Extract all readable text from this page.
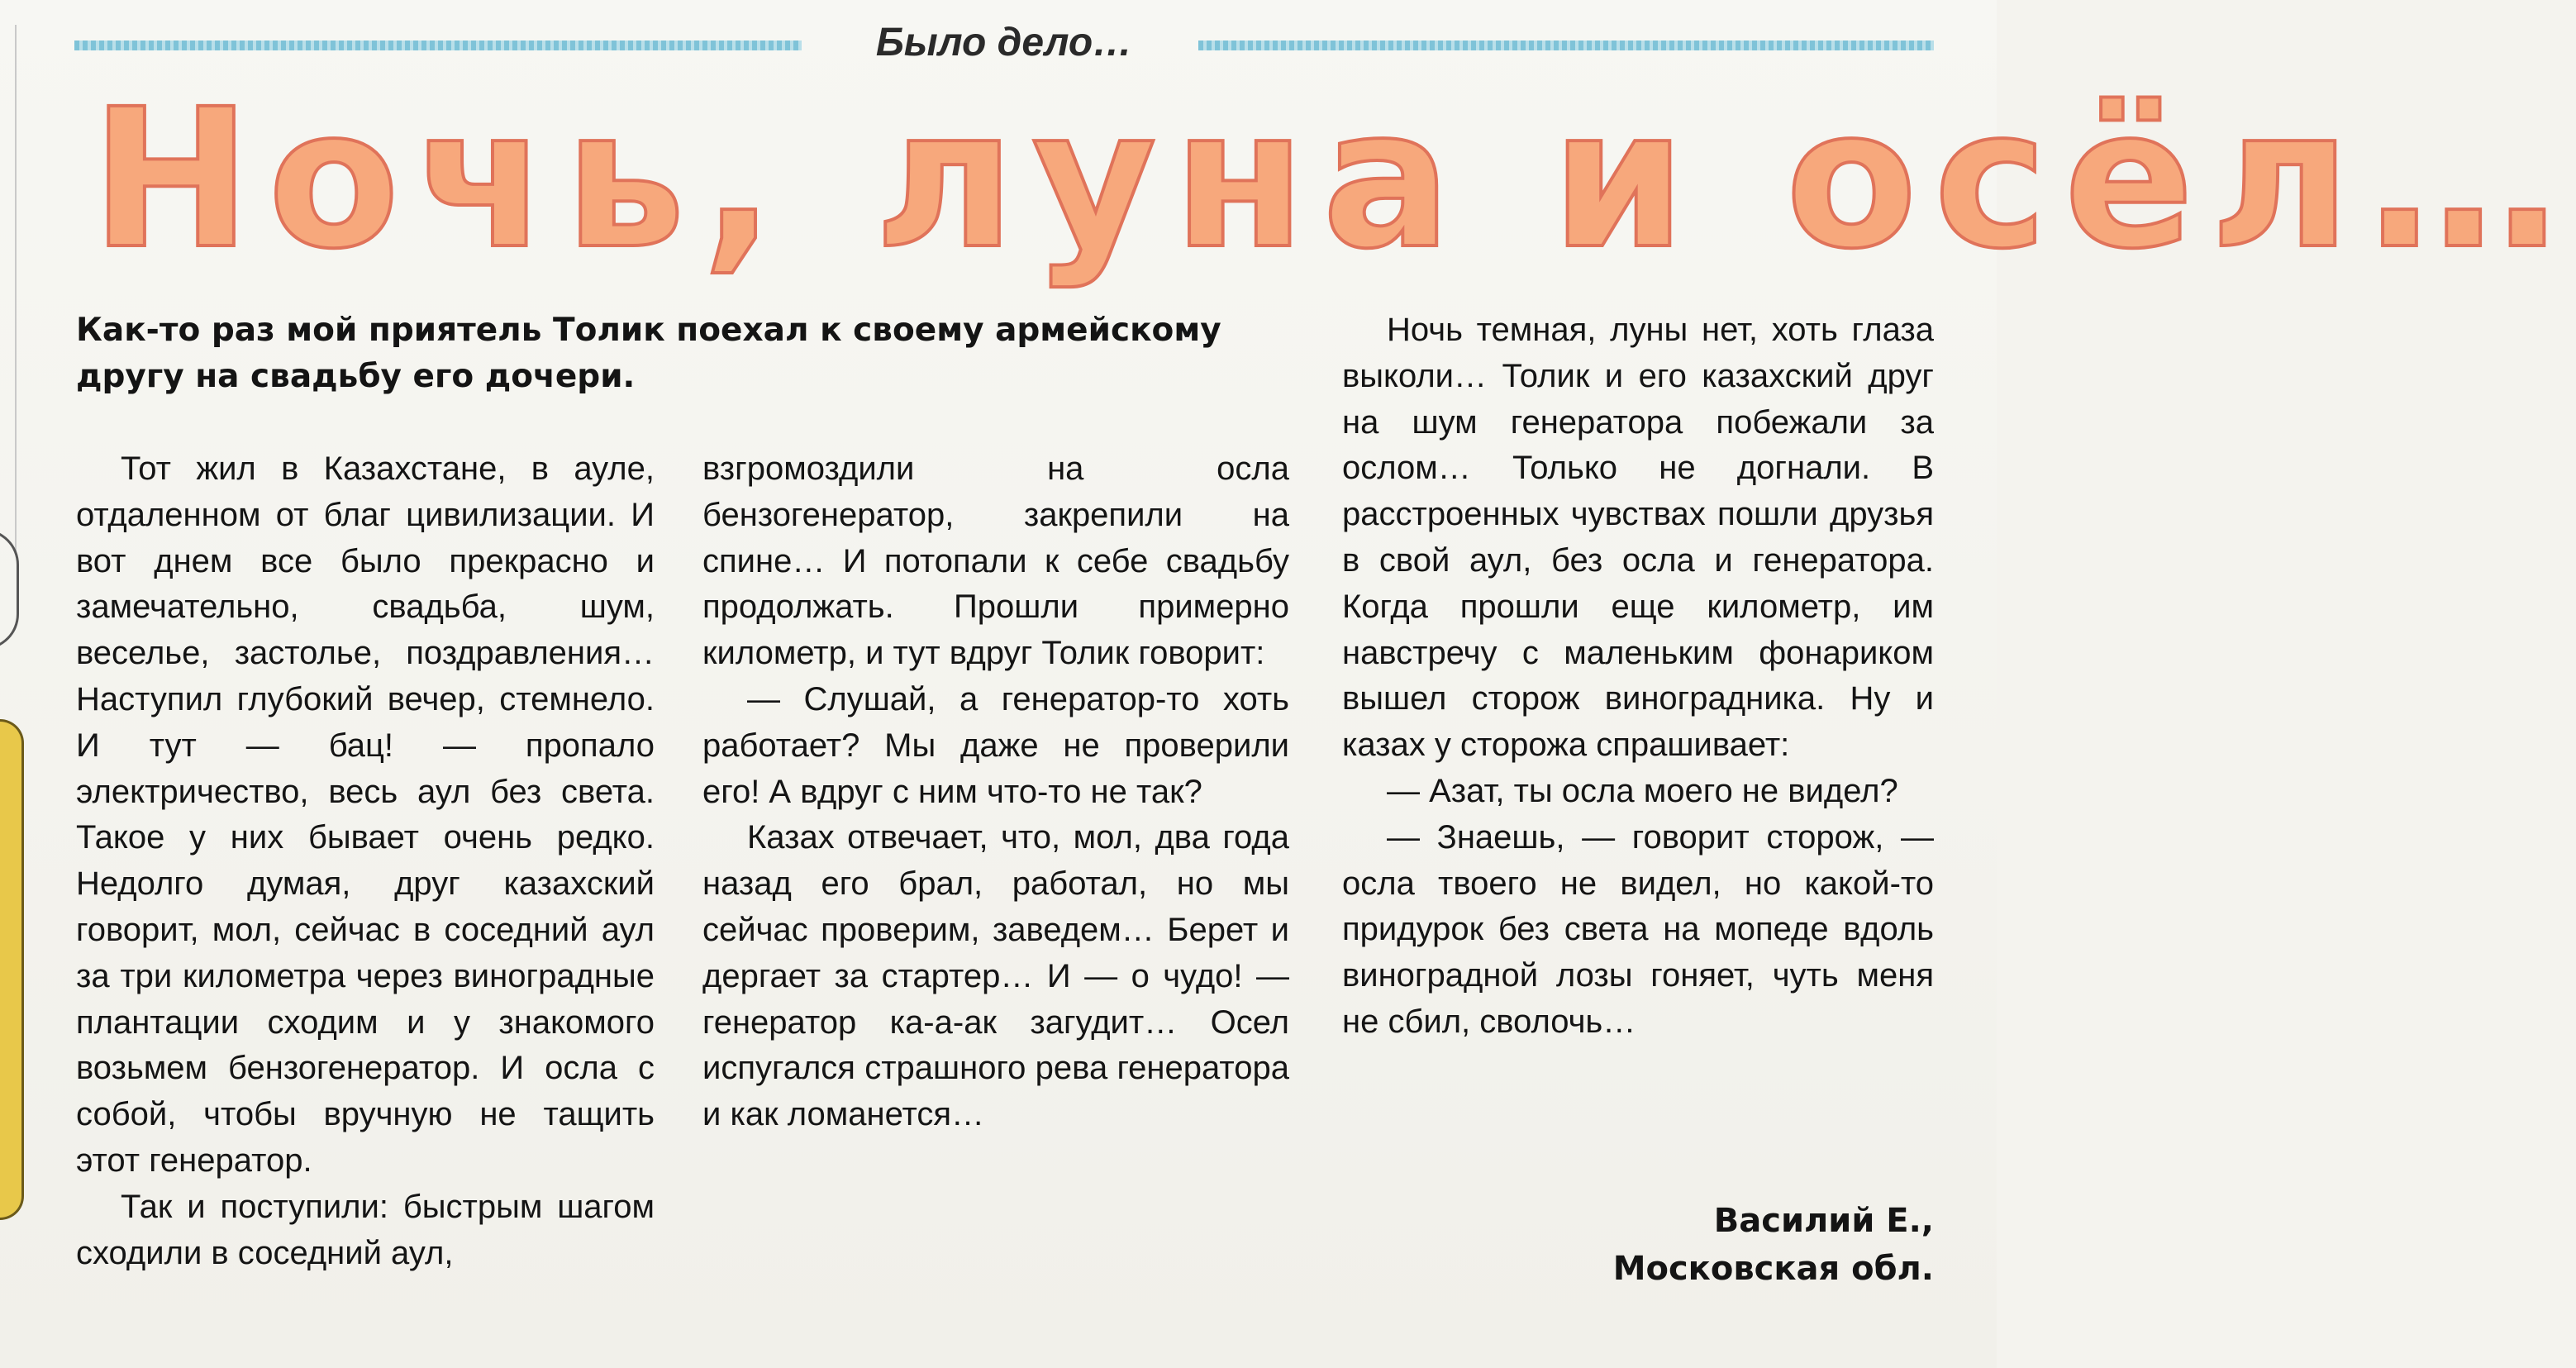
Было дело…
Ночь, луна и осёл…
Как-то раз мой приятель Толик поехал к своему армейскому другу на свадьбу его дочери.

Тот жил в Казахстане, в ауле, отдаленном от благ цивилизации. И вот днем все было прекрасно и замечательно, свадьба, шум, веселье, застолье, поздравления… Наступил глубокий вечер, стемнело. И тут — бац! — пропало электричество, весь аул без света. Такое у них бывает очень редко. Недолго думая, друг казахский говорит, мол, сейчас в соседний аул за три километра через виноградные плантации сходим и у знакомого возьмем бензогенератор. И осла с собой, чтобы вручную не тащить этот генератор.

Так и поступили: быстрым шагом сходили в соседний аул,

взгромоздили на осла бензогенератор, закрепили на спине… И потопали к себе свадьбу продолжать. Прошли примерно километр, и тут вдруг Толик говорит:

— Слушай, а генератор-то хоть работает? Мы даже не проверили его! А вдруг с ним что-то не так?

Казах отвечает, что, мол, два года назад его брал, работал, но мы сейчас проверим, заведем… Берет и дергает за стартер… И — о чудо! — генератор ка-а-ак загудит… Осел испугался страшного рева генератора и как ломанется…

Ночь темная, луны нет, хоть глаза выколи… Толик и его казахский друг на шум генератора побежали за ослом… Только не догнали. В расстроенных чувствах пошли друзья в свой аул, без осла и генератора. Когда прошли еще километр, им навстречу с маленьким фонариком вышел сторож виноградника. Ну и казах у сторожа спрашивает:

— Азат, ты осла моего не видел?

— Знаешь, — говорит сторож, — осла твоего не видел, но какой-то придурок без света на мопеде вдоль виноградной лозы гоняет, чуть меня не сбил, сволочь…

Василий Е.,
Московская обл.
